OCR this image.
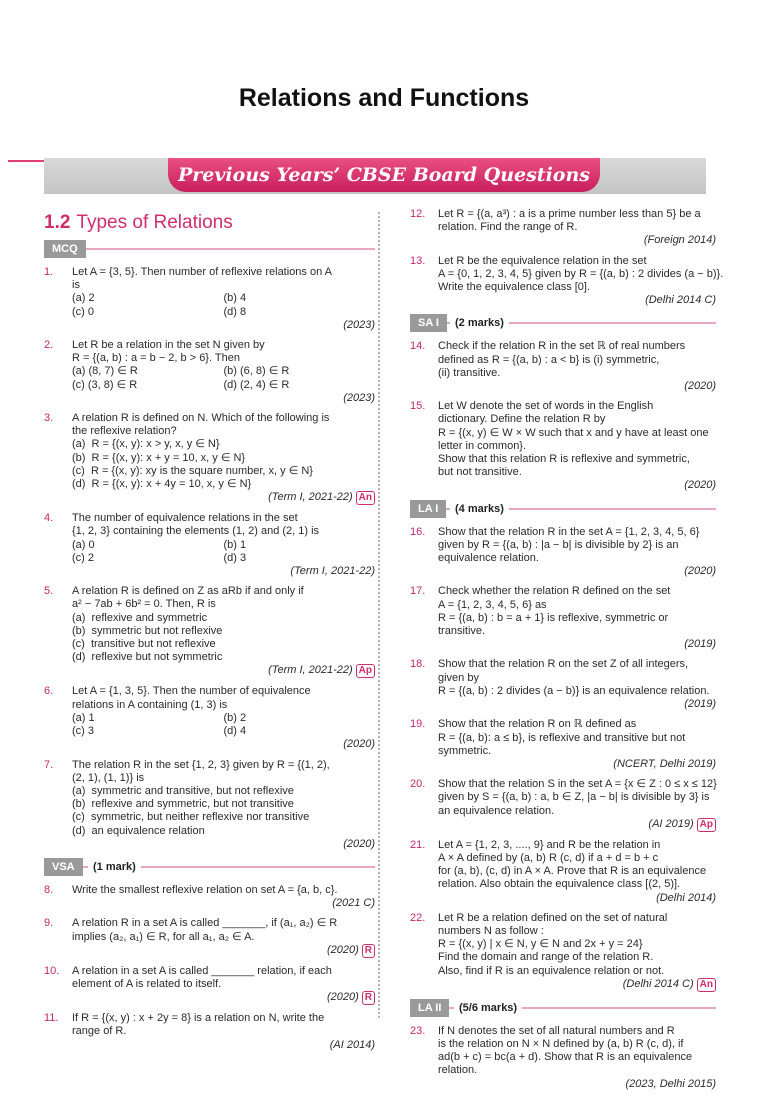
Relations and Functions
Previous Years’ CBSE Board Questions
1.2 Types of Relations
MCQ
1. Let A = {3, 5}. Then number of reflexive relations on A
is
(a) 2	(b) 4
(c) 0	(d) 8
(2023)
2. Let R be a relation in the set N given by
R = {(a, b) : a = b − 2, b > 6}. Then
(a) (8, 7) ∈ R	(b) (6, 8) ∈ R
(c) (3, 8) ∈ R	(d) (2, 4) ∈ R
(2023)
3. A relation R is defined on N. Which of the following is
the reflexive relation?
(a)  R = {(x, y): x > y, x, y ∈ N}
(b)  R = {(x, y): x + y = 10, x, y ∈ N}
(c)  R = {(x, y): xy is the square number, x, y ∈ N}
(d)  R = {(x, y): x + 4y = 10, x, y ∈ N}
(Term I, 2021-22) An
4. The number of equivalence relations in the set
{1, 2, 3} containing the elements (1, 2) and (2, 1) is
(a) 0	(b) 1
(c) 2	(d) 3
(Term I, 2021-22)
5. A relation R is defined on Z as aRb if and only if
a² − 7ab + 6b² = 0. Then, R is
(a)  reflexive and symmetric
(b)  symmetric but not reflexive
(c)  transitive but not reflexive
(d)  reflexive but not symmetric
(Term I, 2021-22) Ap
6. Let A = {1, 3, 5}. Then the number of equivalence
relations in A containing (1, 3) is
(a) 1	(b) 2
(c) 3	(d) 4
(2020)
7. The relation R in the set {1, 2, 3} given by R = {(1, 2),
(2, 1), (1, 1)} is
(a)  symmetric and transitive, but not reflexive
(b)  reflexive and symmetric, but not transitive
(c)  symmetric, but neither reflexive nor transitive
(d)  an equivalence relation
(2020)
VSA	(1 mark)
8. Write the smallest reflexive relation on set A = {a, b, c}.
(2021 C)
9. A relation R in a set A is called _______, if (a₁, a₂) ∈ R
implies (a₂, a₁) ∈ R, for all a₁, a₂ ∈ A.
(2020) R
10. A relation in a set A is called _______ relation, if each
element of A is related to itself.
(2020) R
11. If R = {(x, y) : x + 2y = 8} is a relation on N, write the
range of R.
(AI 2014)
12. Let R = {(a, a³) : a is a prime number less than 5} be a
relation. Find the range of R.
(Foreign 2014)
13. Let R be the equivalence relation in the set
A = {0, 1, 2, 3, 4, 5} given by R = {(a, b) : 2 divides (a − b)}.
Write the equivalence class [0].
(Delhi 2014 C)
SA I	(2 marks)
14. Check if the relation R in the set ℝ of real numbers
defined as R = {(a, b) : a < b} is (i) symmetric,
(ii) transitive.
(2020)
15. Let W denote the set of words in the English
dictionary. Define the relation R by
R = {(x, y) ∈ W × W such that x and y have at least one
letter in common}.
Show that this relation R is reflexive and symmetric,
but not transitive.
(2020)
LA I	(4 marks)
16. Show that the relation R in the set A = {1, 2, 3, 4, 5, 6}
given by R = {(a, b) : |a − b| is divisible by 2} is an
equivalence relation.
(2020)
17. Check whether the relation R defined on the set
A = {1, 2, 3, 4, 5, 6} as
R = {(a, b) : b = a + 1} is reflexive, symmetric or
transitive.
(2019)
18. Show that the relation R on the set Z of all integers,
given by
R = {(a, b) : 2 divides (a − b)} is an equivalence relation.
(2019)
19. Show that the relation R on ℝ defined as
R = {(a, b): a ≤ b}, is reflexive and transitive but not
symmetric.
(NCERT, Delhi 2019)
20. Show that the relation S in the set A = {x ∈ Z : 0 ≤ x ≤ 12}
given by S = {(a, b) : a, b ∈ Z, |a − b| is divisible by 3} is
an equivalence relation.
(AI 2019) Ap
21. Let A = {1, 2, 3, ...., 9} and R be the relation in
A × A defined by (a, b) R (c, d) if a + d = b + c
for (a, b), (c, d) in A × A. Prove that R is an equivalence
relation. Also obtain the equivalence class [(2, 5)].
(Delhi 2014)
22. Let R be a relation defined on the set of natural
numbers N as follow :
R = {(x, y) | x ∈ N, y ∈ N and 2x + y = 24}
Find the domain and range of the relation R.
Also, find if R is an equivalence relation or not.
(Delhi 2014 C) An
LA II	(5/6 marks)
23. If N denotes the set of all natural numbers and R
is the relation on N × N defined by (a, b) R (c, d), if
ad(b + c) = bc(a + d). Show that R is an equivalence
relation.
(2023, Delhi 2015)
